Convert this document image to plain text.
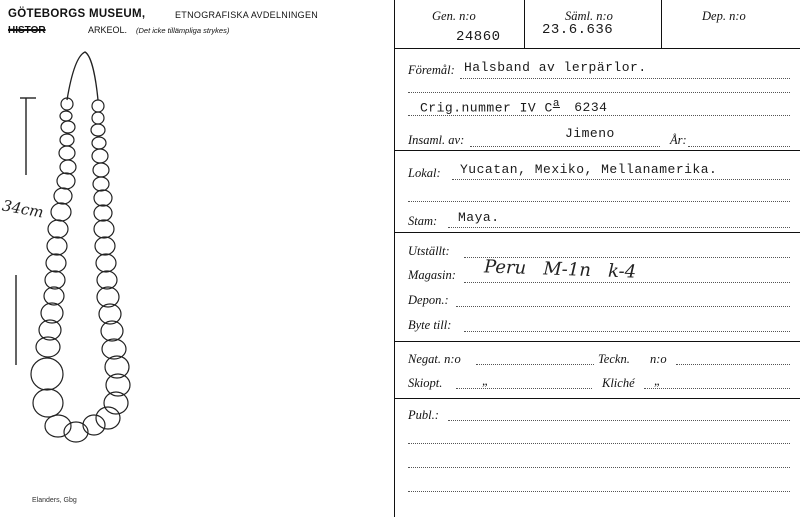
GÖTEBORGS MUSEUM,	ETNOGRAFISKA AVDELNINGEN
HISTOR	ARKEOL. (Det icke tillämpliga strykes)
34cm
Elanders, Gbg
Gen. n:o	Säml. n:o	Dep. n:o
24860	23.6.636
Föremål: Halsband av lerpärlor.
Crig.nummer IV $C^a$ 6234
Insaml. av:	Jimeno	År:
Lokal: Yucatan, Mexiko, Mellanamerika.
Stam: Maya.
Utställt:
Magasin: Peru   M-1n   k-4
Depon.:
Byte till:
Negat. n:o	Teckn. n:o
Skiopt.	„	Kliché „
Publ.:
